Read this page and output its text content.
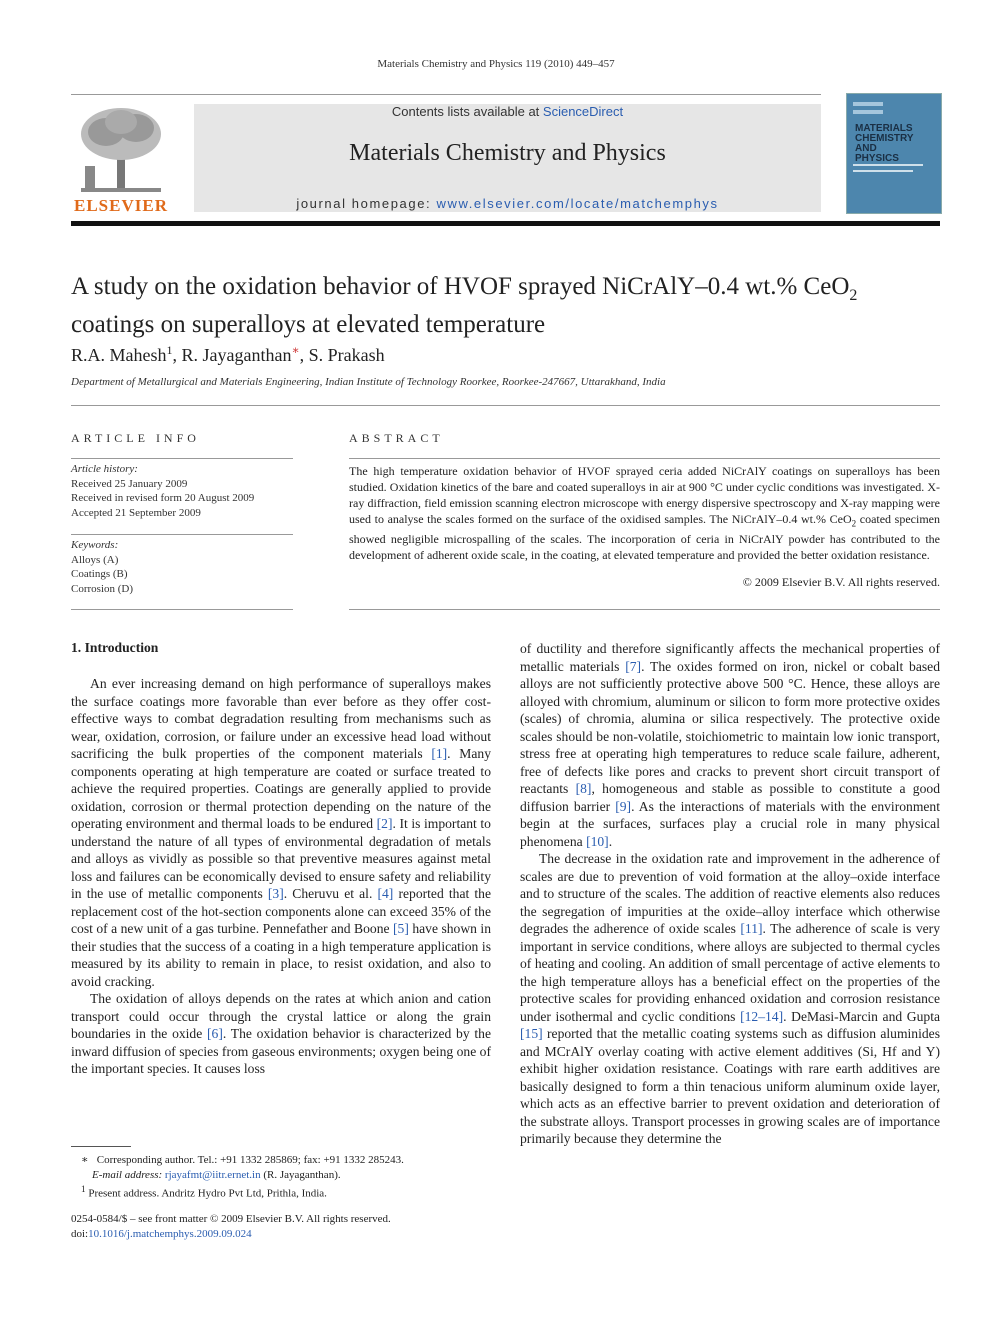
Materials Chemistry and Physics 119 (2010) 449–457
ELSEVIER
Contents lists available at ScienceDirect
Materials Chemistry and Physics
journal homepage: www.elsevier.com/locate/matchemphys
MATERIALS
CHEMISTRY AND
PHYSICS
A study on the oxidation behavior of HVOF sprayed NiCrAlY–0.4 wt.% CeO$_2$
coatings on superalloys at elevated temperature
R.A. Mahesh$^1$, R. Jayaganthan∗, S. Prakash
Department of Metallurgical and Materials Engineering, Indian Institute of Technology Roorkee, Roorkee-247667, Uttarakhand, India
ARTICLE INFO
Article history:
Received 25 January 2009
Received in revised form 20 August 2009
Accepted 21 September 2009
Keywords:
Alloys (A)
Coatings (B)
Corrosion (D)
ABSTRACT
The high temperature oxidation behavior of HVOF sprayed ceria added NiCrAlY coatings on superalloys has been studied. Oxidation kinetics of the bare and coated superalloys in air at 900 °C under cyclic conditions was investigated. X-ray diffraction, field emission scanning electron microscope with energy dispersive spectroscopy and X-ray mapping were used to analyse the scales formed on the surface of the oxidised samples. The NiCrAlY–0.4 wt.% CeO$_2$ coated specimen showed negligible microspalling of the scales. The incorporation of ceria in NiCrAlY powder has contributed to the development of adherent oxide scale, in the coating, at elevated temperature and provided the better oxidation resistance.
© 2009 Elsevier B.V. All rights reserved.
1. Introduction

An ever increasing demand on high performance of superalloys makes the surface coatings more favorable than ever before as they offer cost-effective ways to combat degradation resulting from mechanisms such as wear, oxidation, corrosion, or failure under an excessive head load without sacrificing the bulk properties of the component materials [1]. Many components operating at high temperature are coated or surface treated to achieve the required properties. Coatings are generally applied to provide oxidation, corrosion or thermal protection depending on the nature of the operating environment and thermal loads to be endured [2]. It is important to understand the nature of all types of environmental degradation of metals and alloys as vividly as possible so that preventive measures against metal loss and failures can be economically devised to ensure safety and reliability in the use of metallic components [3]. Cheruvu et al. [4] reported that the replacement cost of the hot-section components alone can exceed 35% of the cost of a new unit of a gas turbine. Pennefather and Boone [5] have shown in their studies that the success of a coating in a high temperature application is measured by its ability to remain in place, to resist oxidation, and also to avoid cracking.

The oxidation of alloys depends on the rates at which anion and cation transport could occur through the crystal lattice or along the grain boundaries in the oxide [6]. The oxidation behavior is characterized by the inward diffusion of species from gaseous environments; oxygen being one of the important species. It causes loss

of ductility and therefore significantly affects the mechanical properties of metallic materials [7]. The oxides formed on iron, nickel or cobalt based alloys are not sufficiently protective above 500 °C. Hence, these alloys are alloyed with chromium, aluminum or silicon to form more protective oxides (scales) of chromia, alumina or silica respectively. The protective oxide scales should be non-volatile, stoichiometric to maintain low ionic transport, stress free at operating high temperatures to reduce scale failure, adherent, free of defects like pores and cracks to prevent short circuit transport of reactants [8], homogeneous and stable as possible to constitute a good diffusion barrier [9]. As the interactions of materials with the environment begin at the surfaces, surfaces play a crucial role in many physical phenomena [10].

The decrease in the oxidation rate and improvement in the adherence of scales are due to prevention of void formation at the alloy–oxide interface and to structure of the scales. The addition of reactive elements also reduces the segregation of impurities at the oxide–alloy interface which otherwise degrades the adherence of oxide scales [11]. The adherence of scale is very important in service conditions, where alloys are subjected to thermal cycles of heating and cooling. An addition of small percentage of active elements to the high temperature alloys has a beneficial effect on the properties of the protective scales for providing enhanced oxidation and corrosion resistance under isothermal and cyclic conditions [12–14]. DeMasi-Marcin and Gupta [15] reported that the metallic coating systems such as diffusion aluminides and MCrAlY overlay coating with active element additives (Si, Hf and Y) exhibit higher oxidation resistance. Coatings with rare earth additives are basically designed to form a thin tenacious uniform aluminum oxide layer, which acts as an effective barrier to prevent oxidation and deterioration of the substrate alloys. Transport processes in growing scales are of importance primarily because they determine the

∗ Corresponding author. Tel.: +91 1332 285869; fax: +91 1332 285243.
E-mail address: rjayafmt@iitr.ernet.in (R. Jayaganthan).
$^1$ Present address. Andritz Hydro Pvt Ltd, Prithla, India.
0254-0584/$ – see front matter © 2009 Elsevier B.V. All rights reserved.
doi:10.1016/j.matchemphys.2009.09.024
